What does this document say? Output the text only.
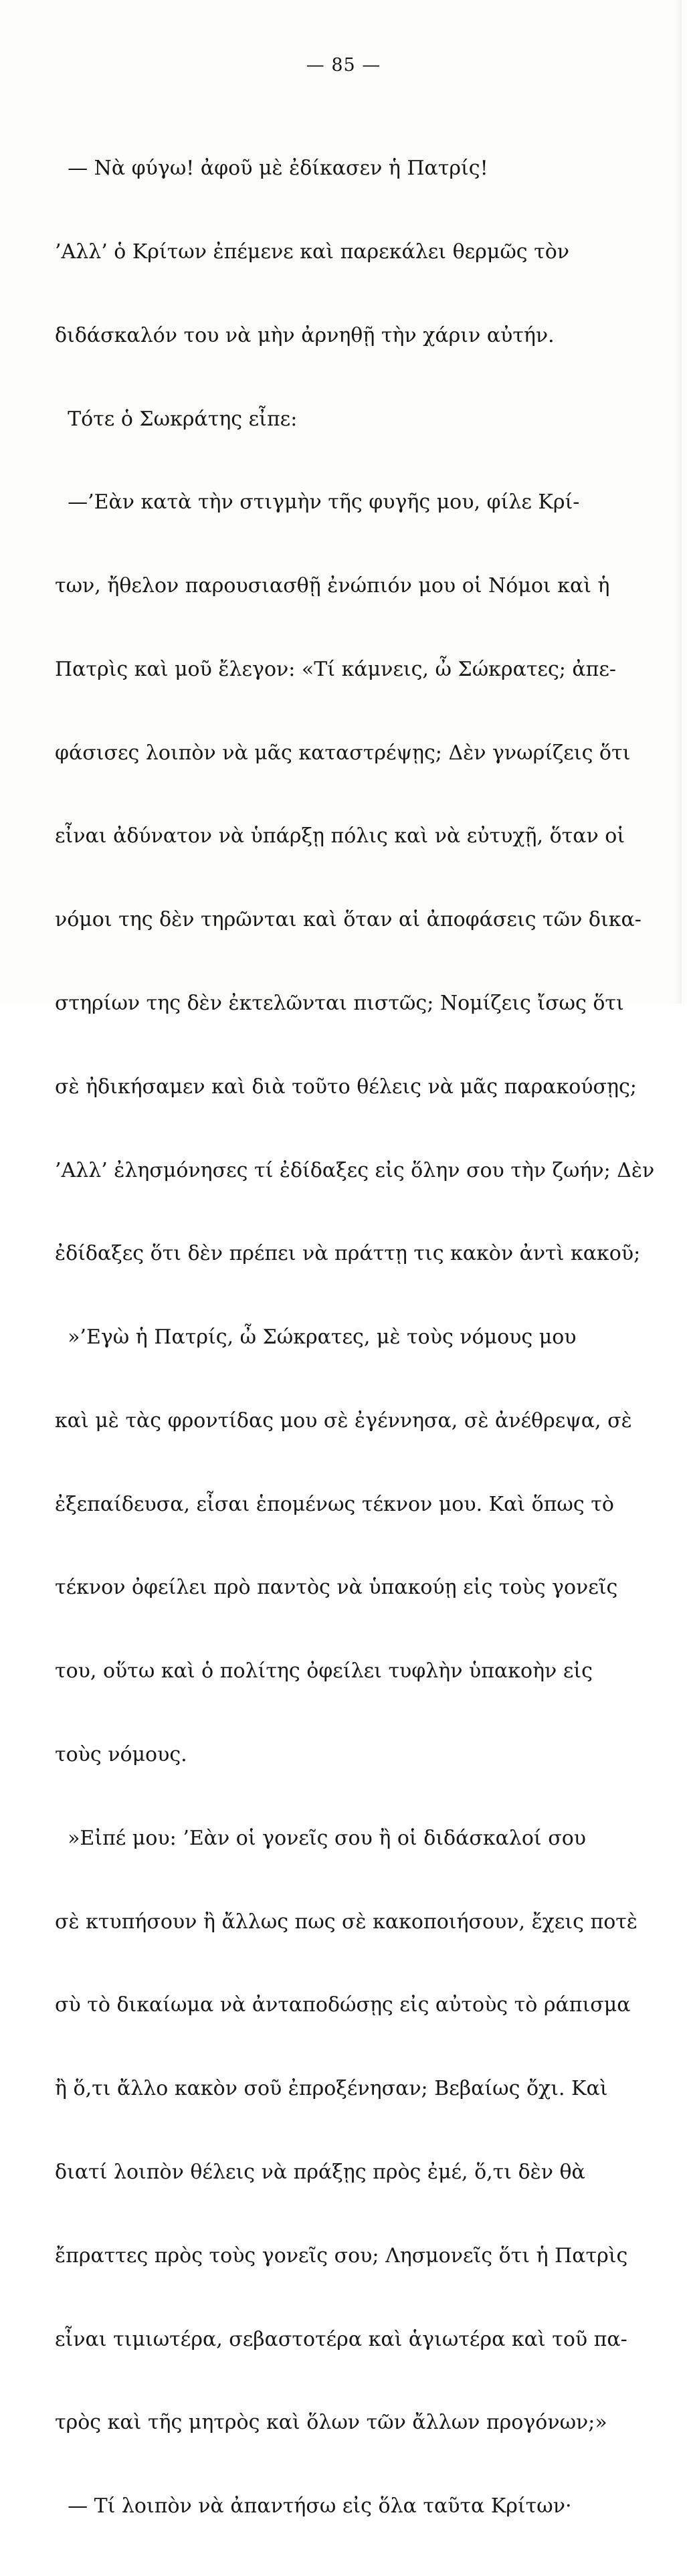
— 85 —

— Νὰ φύγω! ἀφοῦ μὲ ἐδίκασεν ἡ Πατρίς!

’Αλλ’ ὁ Κρίτων ἐπέμενε καὶ παρεκάλει θερμῶς τὸν

διδάσκαλόν του νὰ μὴν ἀρνηθῇ τὴν χάριν αὐτήν.

Τότε ὁ Σωκράτης εἶπε:

—’Εὰν κατὰ τὴν στιγμὴν τῆς φυγῆς μου, φίλε Κρί-

των, ἤθελον παρουσιασθῇ ἐνώπιόν μου οἱ Νόμοι καὶ ἡ

Πατρὶς καὶ μοῦ ἔλεγον: «Τί κάμνεις, ὦ Σώκρατες; ἀπε-

φάσισες λοιπὸν νὰ μᾶς καταστρέψῃς; Δὲν γνωρίζεις ὅτι

εἶναι ἀδύνατον νὰ ὑπάρξῃ πόλις καὶ νὰ εὐτυχῇ, ὅταν οἱ

νόμοι της δὲν τηρῶνται καὶ ὅταν αἱ ἀποφάσεις τῶν δικα-

στηρίων της δὲν ἐκτελῶνται πιστῶς; Νομίζεις ἴσως ὅτι

σὲ ἠδικήσαμεν καὶ διὰ τοῦτο θέλεις νὰ μᾶς παρακούσῃς;

’Αλλ’ ἐλησμόνησες τί ἐδίδαξες εἰς ὅλην σου τὴν ζωήν; Δὲν

ἐδίδαξες ὅτι δὲν πρέπει νὰ πράττῃ τις κακὸν ἀντὶ κακοῦ;

»’Εγὼ ἡ Πατρίς, ὦ Σώκρατες, μὲ τοὺς νόμους μου

καὶ μὲ τὰς φροντίδας μου σὲ ἐγέννησα, σὲ ἀνέθρεψα, σὲ

ἐξεπαίδευσα, εἶσαι ἑπομένως τέκνον μου. Καὶ ὅπως τὸ

τέκνον ὀφείλει πρὸ παντὸς νὰ ὑπακούῃ εἰς τοὺς γονεῖς

του, οὕτω καὶ ὁ πολίτης ὀφείλει τυφλὴν ὑπακοὴν εἰς

τοὺς νόμους.

»Εἰπέ μου: ’Εὰν οἱ γονεῖς σου ἢ οἱ διδάσκαλοί σου

σὲ κτυπήσουν ἢ ἄλλως πως σὲ κακοποιήσουν, ἔχεις ποτὲ

σὺ τὸ δικαίωμα νὰ ἀνταποδώσῃς εἰς αὐτοὺς τὸ ράπισμα

ἢ ὅ,τι ἄλλο κακὸν σοῦ ἐπροξένησαν; Βεβαίως ὄχι. Καὶ

διατί λοιπὸν θέλεις νὰ πράξῃς πρὸς ἐμέ, ὅ,τι δὲν θὰ

ἔπραττες πρὸς τοὺς γονεῖς σου; Λησμονεῖς ὅτι ἡ Πατρὶς

εἶναι τιμιωτέρα, σεβαστοτέρα καὶ ἁγιωτέρα καὶ τοῦ πα-

τρὸς καὶ τῆς μητρὸς καὶ ὅλων τῶν ἄλλων προγόνων;»

— Τί λοιπὸν νὰ ἀπαντήσω εἰς ὅλα ταῦτα Κρίτων·
